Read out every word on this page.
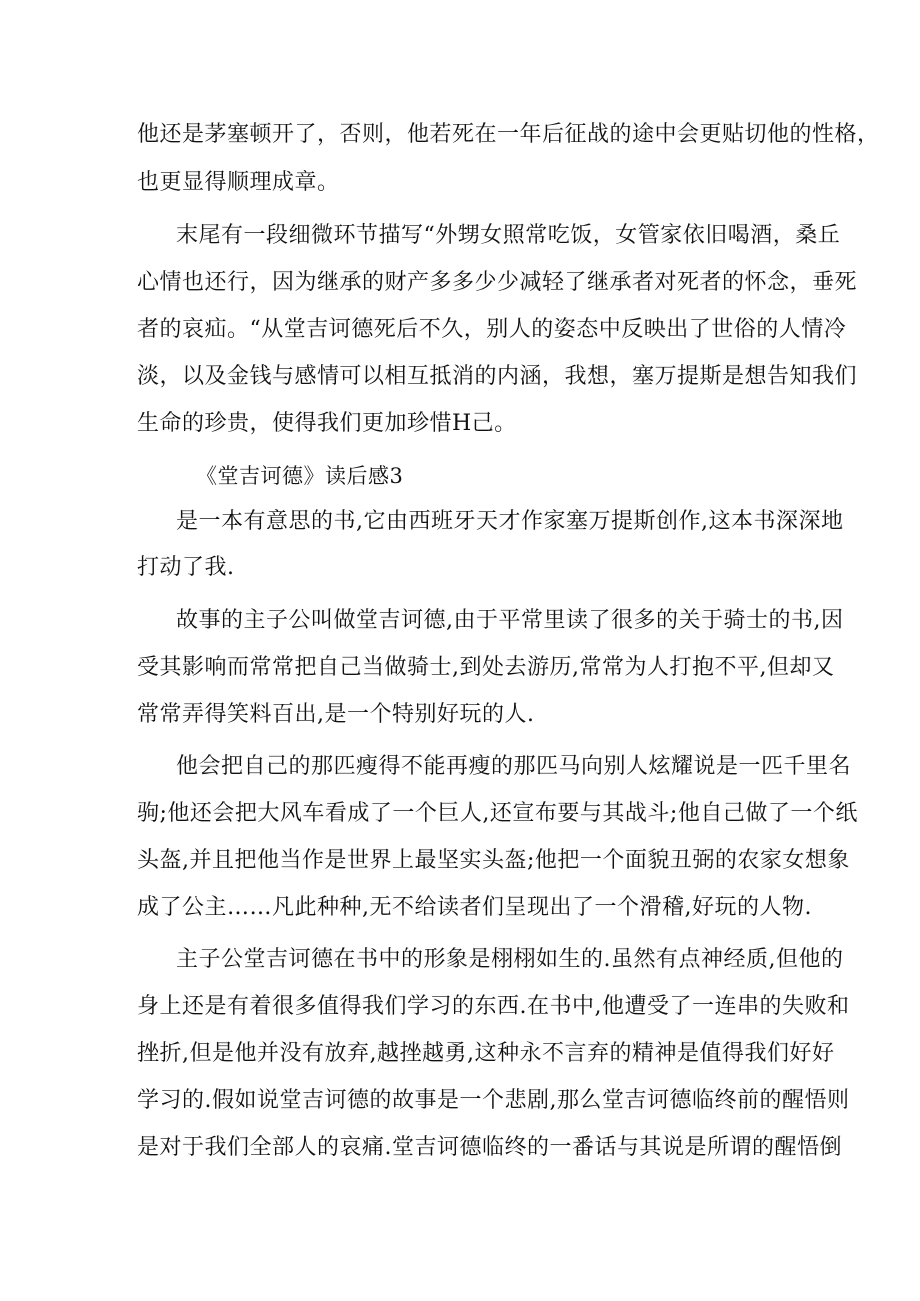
他还是茅塞顿开了，否则，他若死在一年后征战的途中会更贴切他的性格，
也更显得顺理成章。
末尾有一段细微环节描写“外甥女照常吃饭，女管家依旧喝酒，桑丘
心情也还行，因为继承的财产多多少少减轻了继承者对死者的怀念，垂死
者的哀疝。“从堂吉诃德死后不久，别人的姿态中反映出了世俗的人情冷
淡，以及金钱与感情可以相互抵消的内涵，我想，塞万提斯是想告知我们
生命的珍贵，使得我们更加珍惜H己。
《堂吉诃德》读后感3
是一本有意思的书,它由西班牙天才作家塞万提斯创作,这本书深深地
打动了我.
故事的主子公叫做堂吉诃德,由于平常里读了很多的关于骑士的书,因
受其影响而常常把自己当做骑士,到处去游历,常常为人打抱不平,但却又
常常弄得笑料百出,是一个特别好玩的人.
他会把自己的那匹瘦得不能再瘦的那匹马向别人炫耀说是一匹千里名
驹;他还会把大风车看成了一个巨人,还宣布要与其战斗;他自己做了一个纸
头盔,并且把他当作是世界上最坚实头盔;他把一个面貌丑弼的农家女想象
成了公主……凡此种种,无不给读者们呈现出了一个滑稽,好玩的人物.
主子公堂吉诃德在书中的形象是栩栩如生的.虽然有点神经质,但他的
身上还是有着很多值得我们学习的东西.在书中,他遭受了一连串的失败和
挫折,但是他并没有放弃,越挫越勇,这种永不言弃的精神是值得我们好好
学习的.假如说堂吉诃德的故事是一个悲剧,那么堂吉诃德临终前的醒悟则
是对于我们全部人的哀痛.堂吉诃德临终的一番话与其说是所谓的醒悟倒
